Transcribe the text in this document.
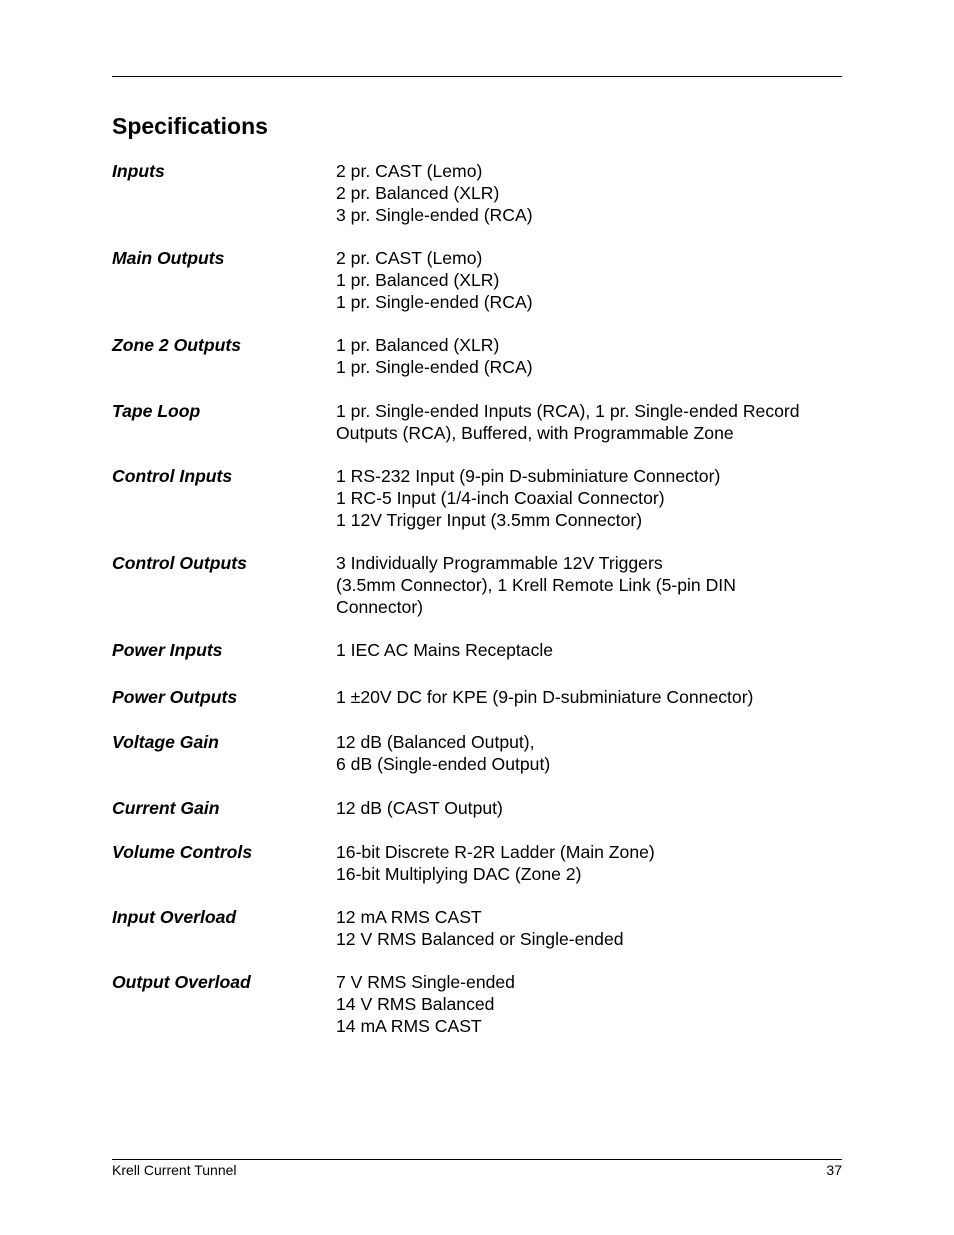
Specifications
Inputs	2 pr. CAST (Lemo)
2 pr. Balanced (XLR)
3 pr. Single-ended (RCA)
Main Outputs	2 pr. CAST (Lemo)
1 pr. Balanced (XLR)
1 pr. Single-ended (RCA)
Zone 2 Outputs	1 pr. Balanced (XLR)
1 pr. Single-ended (RCA)
Tape Loop	1 pr. Single-ended Inputs (RCA), 1 pr. Single-ended Record
Outputs (RCA), Buffered, with Programmable Zone
Control Inputs	1 RS-232 Input (9-pin D-subminiature Connector)
1 RC-5 Input (1/4-inch Coaxial Connector)
1 12V Trigger Input (3.5mm Connector)
Control Outputs	3 Individually Programmable 12V Triggers
(3.5mm Connector), 1 Krell Remote Link (5-pin DIN
Connector)
Power Inputs	1 IEC AC Mains Receptacle
Power Outputs	1 ±20V DC for KPE (9-pin D-subminiature Connector)
Voltage Gain	12 dB (Balanced Output),
6 dB (Single-ended Output)
Current Gain	12 dB (CAST Output)
Volume Controls	16-bit Discrete R-2R Ladder (Main Zone)
16-bit Multiplying DAC (Zone 2)
Input Overload	12 mA RMS CAST
12 V RMS Balanced or Single-ended
Output Overload	7 V RMS Single-ended
14 V RMS Balanced
14 mA RMS CAST
Krell Current Tunnel	37
